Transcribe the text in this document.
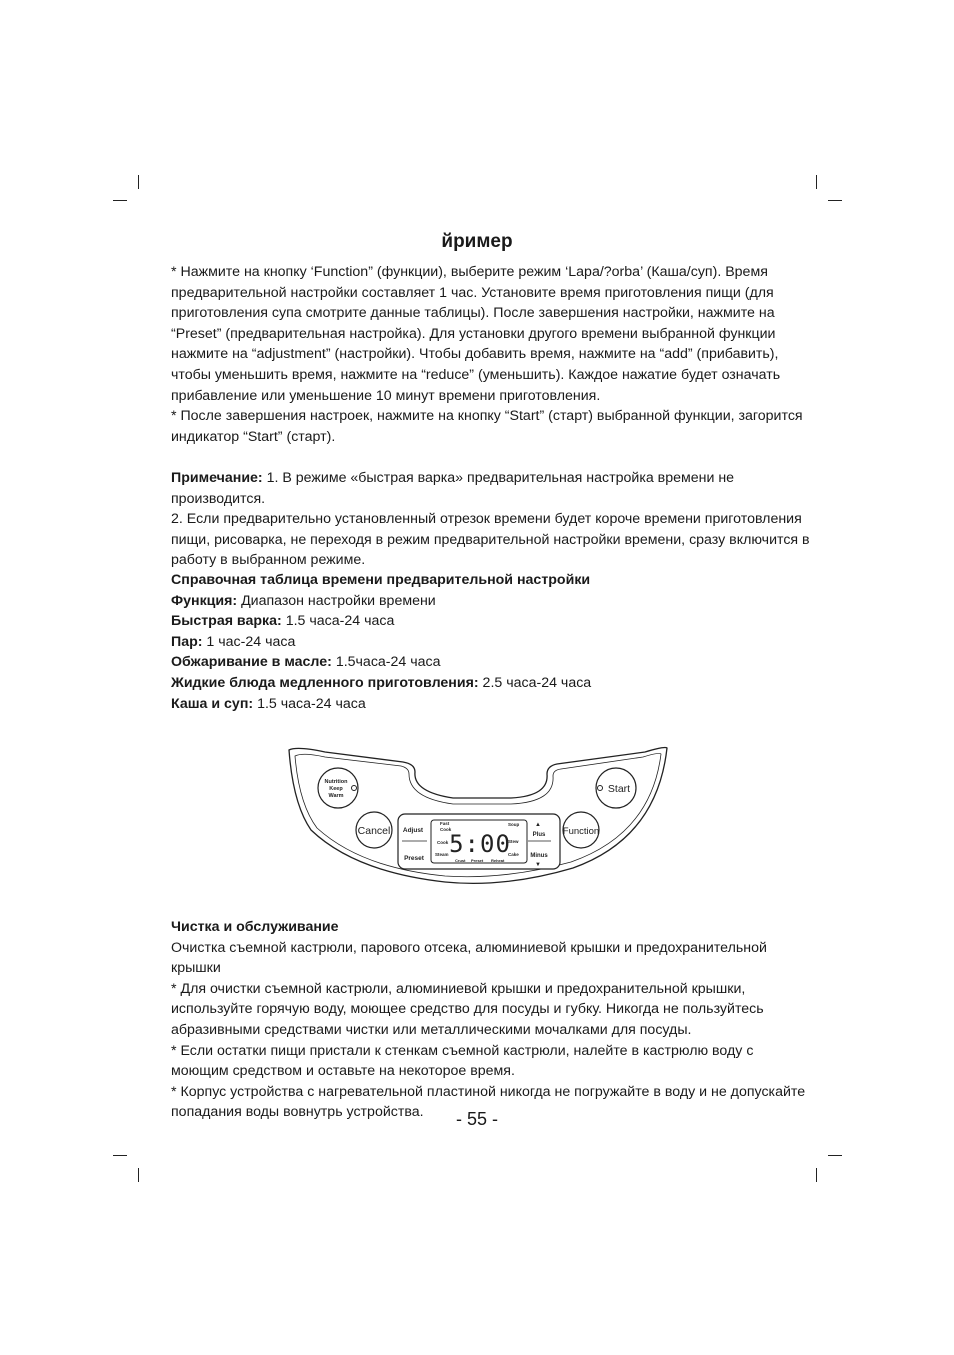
йример

* Нажмите на кнопку ‘Function” (функции), выберите режим ‘Lapa/?orba’ (Каша/суп). Время предварительной настройки составляет 1 час. Установите время приготовления пищи (для приготовления супа смотрите данные таблицы). После завершения настройки, нажмите на “Preset” (предварительная настройка). Для установки другого времени выбранной функции нажмите на “adjustment” (настройки). Чтобы добавить время, нажмите на “add” (прибавить), чтобы уменьшить время, нажмите на “reduce” (уменьшить). Каждое нажатие будет означать прибавление или уменьшение 10 минут времени приготовления.

* После завершения настроек, нажмите на кнопку “Start” (старт) выбранной функции, загорится индикатор “Start” (старт).

Примечание: 1. В режиме «быстрая варка» предварительная настройка времени не производится.

2. Если предварительно установленный отрезок времени будет короче времени приготовления пищи, рисоварка, не переходя в режим предварительной настройки времени, сразу включится в работу в выбранном режиме.

Справочная таблица времени предварительной настройки

Функция: Диапазон настройки времени

Быстрая варка: 1.5 часа-24 часа

Пар: 1 час-24 часа

Обжаривание в масле: 1.5часа-24 часа

Жидкие блюда медленного приготовления: 2.5 часа-24 часа

Каша и суп: 1.5 часа-24 часа

Nutrition
Keep
Warm
Start
Cancel	Function
Adjust
Preset
Fast
Cook
Cook
Steam 5:00
Soup
Stew
Cake
Crust Preset Reheat
▲
Plus
Minus
▼

Чистка и обслуживание

Очистка съемной кастрюли, парового отсека, алюминиевой крышки и предохранительной крышки

* Для очистки съемной кастрюли, алюминиевой крышки и предохранительной крышки, используйте горячую воду, моющее средство для посуды и губку. Никогда не пользуйтесь абразивными средствами чистки или металлическими мочалками для посуды.

* Если остатки пищи пристали к стенкам съемной кастрюли, налейте в кастрюлю воду с моющим средством и оставьте на некоторое время.

* Корпус устройства с нагревательной пластиной никогда не погружайте в воду и не допускайте попадания воды вовнутрь устройства.	- 55 -
